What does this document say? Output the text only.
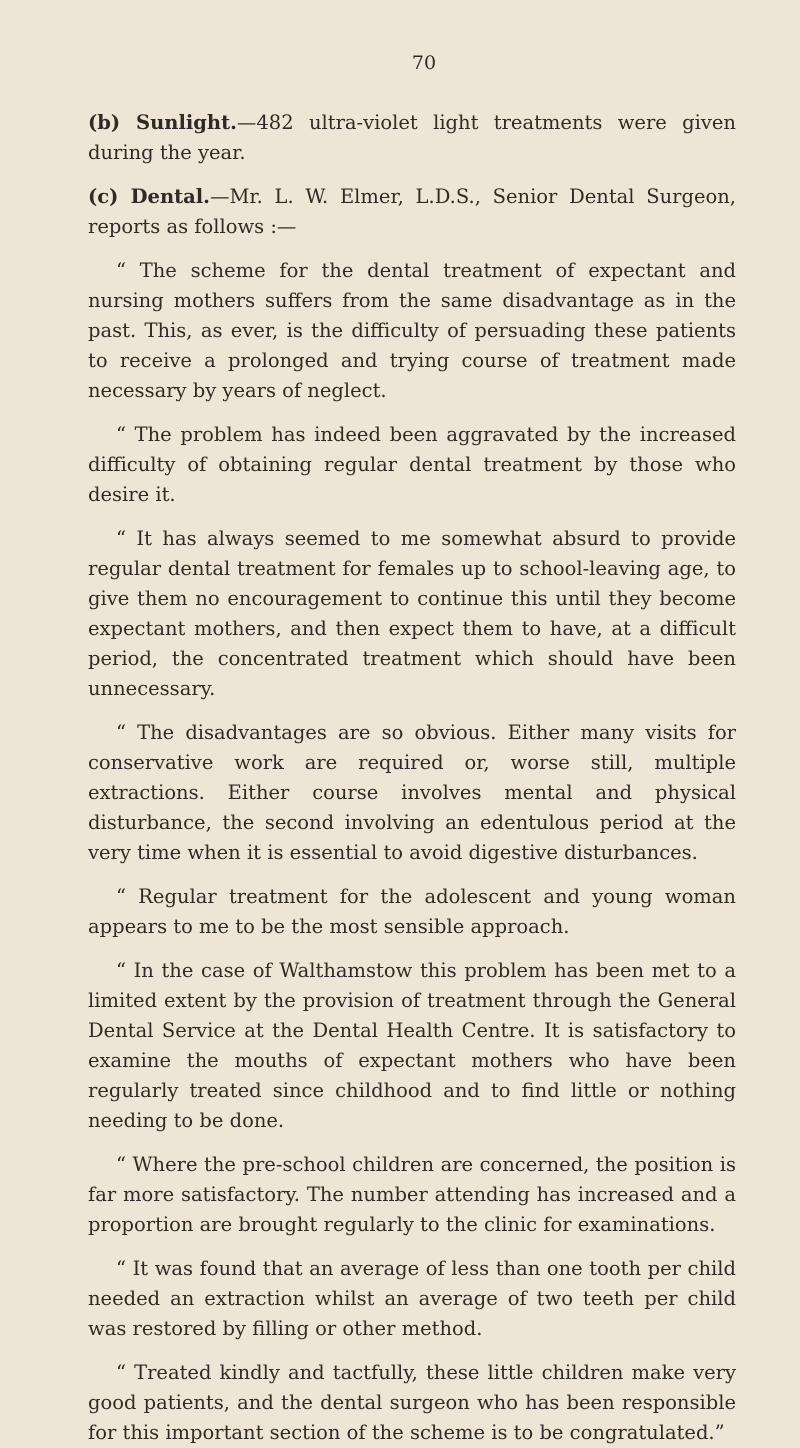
70

(b) Sunlight.—482 ultra-violet light treatments were given during the year.

(c) Dental.—Mr. L. W. Elmer, L.D.S., Senior Dental Surgeon, reports as follows :—

“ The scheme for the dental treatment of expectant and nursing mothers suffers from the same disadvantage as in the past. This, as ever, is the difficulty of persuading these patients to receive a prolonged and trying course of treatment made necessary by years of neglect.

“ The problem has indeed been aggravated by the increased difficulty of obtaining regular dental treatment by those who desire it.

“ It has always seemed to me somewhat absurd to provide regular dental treatment for females up to school-leaving age, to give them no encouragement to continue this until they become expectant mothers, and then expect them to have, at a difficult period, the concentrated treatment which should have been unnecessary.

“ The disadvantages are so obvious. Either many visits for conservative work are required or, worse still, multiple extractions. Either course involves mental and physical disturbance, the second involving an edentulous period at the very time when it is essential to avoid digestive disturbances.

“ Regular treatment for the adolescent and young woman appears to me to be the most sensible approach.

“ In the case of Walthamstow this problem has been met to a limited extent by the provision of treatment through the General Dental Service at the Dental Health Centre. It is satisfactory to examine the mouths of expectant mothers who have been regularly treated since childhood and to find little or nothing needing to be done.

“ Where the pre-school children are concerned, the position is far more satisfactory. The number attending has increased and a proportion are brought regularly to the clinic for examinations.

“ It was found that an average of less than one tooth per child needed an extraction whilst an average of two teeth per child was restored by filling or other method.

“ Treated kindly and tactfully, these little children make very good patients, and the dental surgeon who has been responsible for this important section of the scheme is to be congratulated.”
